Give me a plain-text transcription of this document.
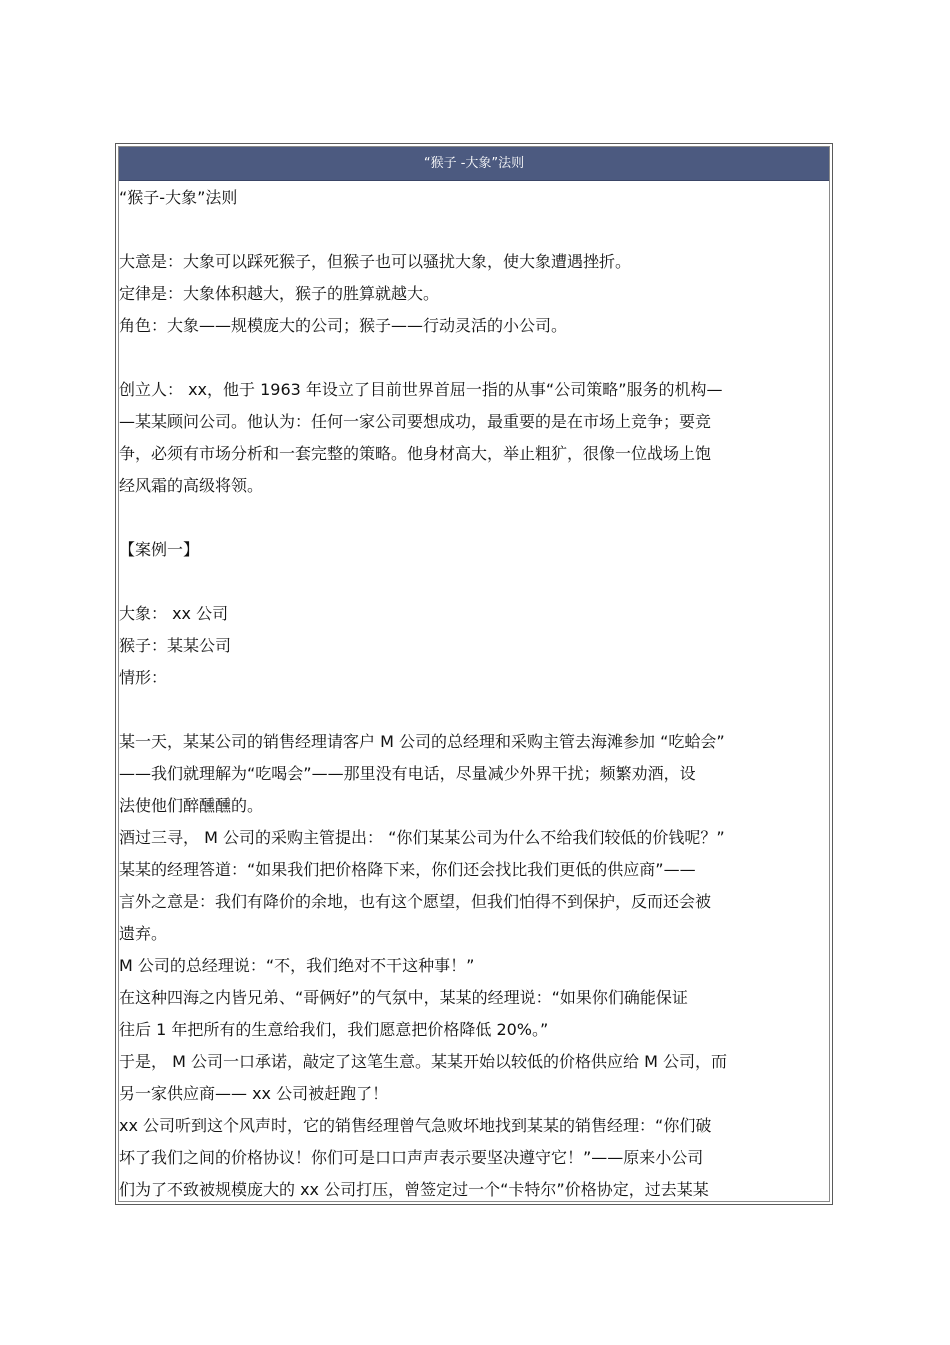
“猴子 -大象”法则
“猴子-大象”法则
大意是：大象可以踩死猴子，但猴子也可以骚扰大象，使大象遭遇挫折。
定律是：大象体积越大，猴子的胜算就越大。
角色：大象——规模庞大的公司；猴子——行动灵活的小公司。
创立人： xx，他于 1963 年设立了目前世界首屈一指的从事“公司策略”服务的机构—
—某某顾问公司。他认为：任何一家公司要想成功，最重要的是在市场上竞争；要竞
争，必须有市场分析和一套完整的策略。他身材高大，举止粗犷，很像一位战场上饱
经风霜的高级将领。
【案例一】
大象： xx 公司
猴子：某某公司
情形：
某一天，某某公司的销售经理请客户 M 公司的总经理和采购主管去海滩参加 “吃蛤会”
——我们就理解为“吃喝会”——那里没有电话，尽量减少外界干扰；频繁劝酒，设
法使他们醉醺醺的。
酒过三寻， M 公司的采购主管提出： “你们某某公司为什么不给我们较低的价钱呢？”
某某的经理答道：“如果我们把价格降下来，你们还会找比我们更低的供应商”——
言外之意是：我们有降价的余地，也有这个愿望，但我们怕得不到保护，反而还会被
遗弃。
M 公司的总经理说：“不，我们绝对不干这种事！”
在这种四海之内皆兄弟、“哥俩好”的气氛中，某某的经理说：“如果你们确能保证
往后 1 年把所有的生意给我们，我们愿意把价格降低 20%。”
于是， M 公司一口承诺，敲定了这笔生意。某某开始以较低的价格供应给 M 公司，而
另一家供应商—— xx 公司被赶跑了！
xx 公司听到这个风声时，它的销售经理曾气急败坏地找到某某的销售经理：“你们破
坏了我们之间的价格协议！你们可是口口声声表示要坚决遵守它！”——原来小公司
们为了不致被规模庞大的 xx 公司打压，曾签定过一个“卡特尔”价格协定，过去某某
